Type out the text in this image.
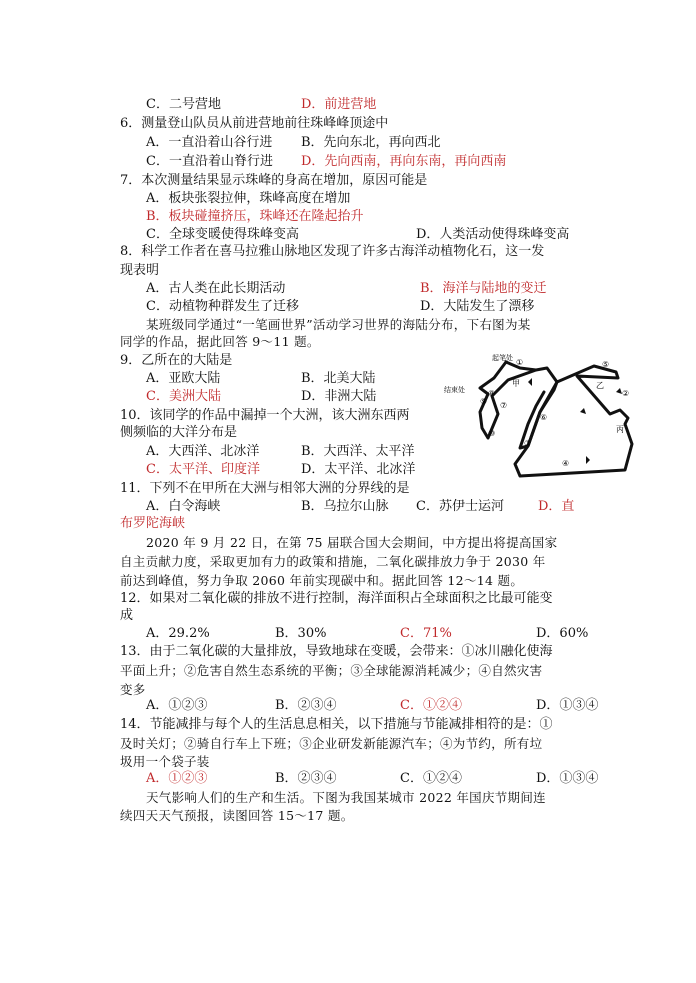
C．二号营地	D．前进营地
6．测量登山队员从前进营地前往珠峰峰顶途中
A．一直沿着山谷行进 B．先向东北，再向西北
C．一直沿着山脊行进 D．先向西南，再向东南，再向西南
7．本次测量结果显示珠峰的身高在增加，原因可能是
A．板块张裂拉伸，珠峰高度在增加
B．板块碰撞挤压，珠峰还在隆起抬升
C．全球变暖使得珠峰变高	D．人类活动使得珠峰变高
8．科学工作者在喜马拉雅山脉地区发现了许多古海洋动植物化石，这一发
现表明
A．古人类在此长期活动	B．海洋与陆地的变迁
C．动植物种群发生了迁移	D．大陆发生了漂移
某班级同学通过“一笔画世界”活动学习世界的海陆分布，下右图为某
同学的作品，据此回答 9～11 题。
9．乙所在的大陆是
A．亚欧大陆	B．北美大陆
C．美洲大陆	D．非洲大陆
10．该同学的作品中漏掉一个大洲，该大洲东西两
侧频临的大洋分布是
A．大西洋、北冰洋	B．大西洋、太平洋
C．太平洋、印度洋	D．太平洋、北冰洋
11．下列不在甲所在大洲与相邻大洲的分界线的是
A．白令海峡	B．乌拉尔山脉 C．苏伊士运河	D．直
布罗陀海峡
2020 年 9 月 22 日，在第 75 届联合国大会期间，中方提出将提高国家
自主贡献力度，采取更加有力的政策和措施，二氧化碳排放力争于 2030 年
前达到峰值，努力争取 2060 年前实现碳中和。据此回答 12～14 题。
12．如果对二氧化碳的排放不进行控制，海洋面积占全球面积之比最可能变
成
A．29.2%	B．30%	C．71%	D．60%
13．由于二氧化碳的大量排放，导致地球在变暖，会带来：①冰川融化使海
平面上升；②危害自然生态系统的平衡；③全球能源消耗减少；④自然灾害
变多
A．①②③	B．②③④	C．①②④	D．①③④
14．节能减排与每个人的生活息息相关，以下措施与节能减排相符的是：①
及时关灯；②骑自行车上下班；③企业研发新能源汽车；④为节约，所有垃
圾用一个袋子装
A．①②③	B．②③④	C．①②④	D．①③④
天气影响人们的生产和生活。下图为我国某城市 2022 年国庆节期间连
续四天天气预报，读图回答 15～17 题。
①	⑤
②
⑦
⑨
⑧
⑩
③
④
⑥
起笔处
结束处
甲	乙
丙
